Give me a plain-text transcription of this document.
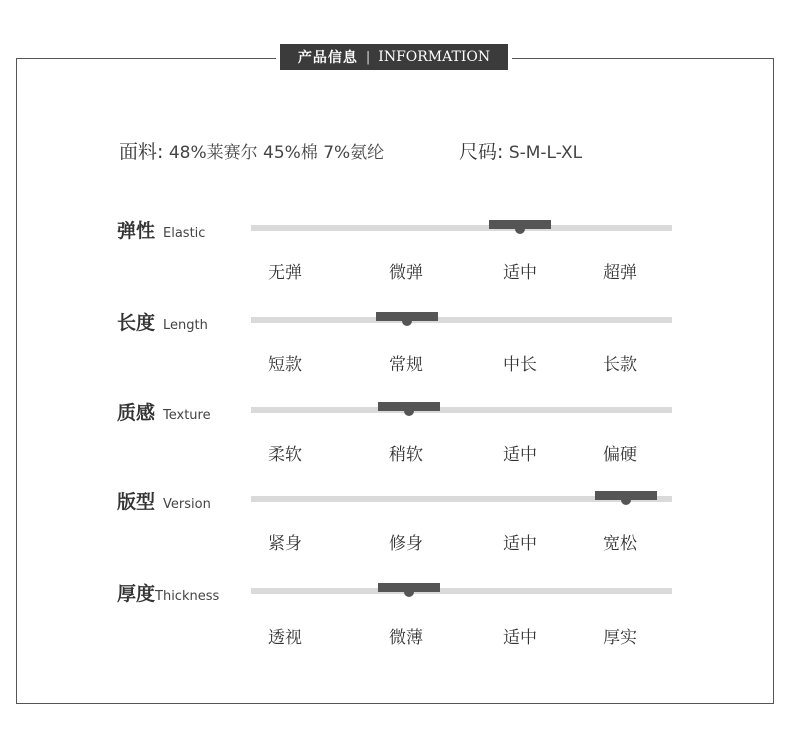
产品信息 | INFORMATION
面料: 48%莱赛尔 45%棉 7%氨纶	尺码: S-M-L-XL
弹性 Elastic
无弹	微弹	适中	超弹
长度 Length
短款	常规	中长	长款
质感 Texture
柔软	稍软	适中	偏硬
版型 Version
紧身	修身	适中	宽松
厚度Thickness
透视	微薄	适中	厚实
